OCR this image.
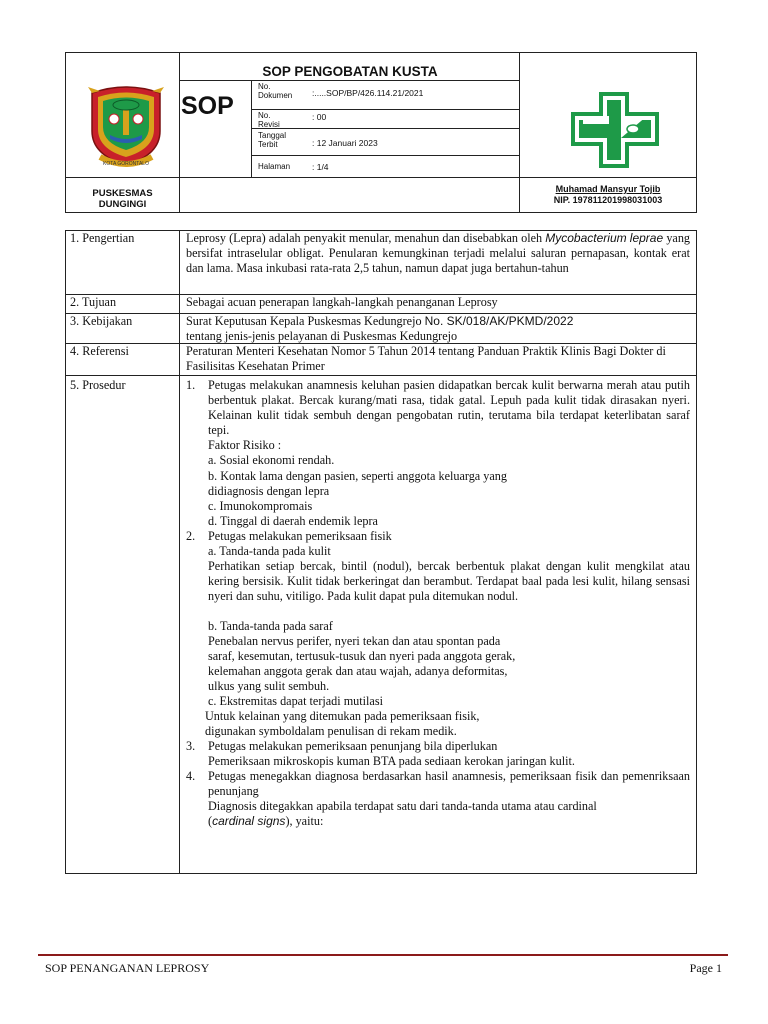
KOTA GORONTALO
SOP PENGOBATAN KUSTA
SOP
No.
Dokumen :.....SOP/BP/426.114.21/2021
No.
Revisi
: 00
Tanggal
Terbit	: 12 Januari 2023
Halaman	: 1/4
PUSKESMAS
DUNGINGI
Muhamad Mansyur Tojib
NIP. 197811201998031003
1. Pengertian	Leprosy (Lepra) adalah penyakit menular, menahun dan disebabkan oleh Mycobacterium leprae yang bersifat intraselular obligat. Penularan kemungkinan terjadi melalui saluran pernapasan, kontak erat dan lama. Masa inkubasi rata-rata 2,5 tahun, namun dapat juga bertahun-tahun
2. Tujuan	Sebagai acuan penerapan langkah-langkah penanganan Leprosy
3. Kebijakan	Surat Keputusan Kepala Puskesmas Kedungrejo No. SK/018/AK/PKMD/2022
tentang jenis-jenis pelayanan di Puskesmas Kedungrejo
4. Referensi	Peraturan Menteri Kesehatan Nomor 5 Tahun 2014 tentang Panduan Praktik Klinis Bagi Dokter di Fasilisitas Kesehatan Primer
5. Prosedur	1. Petugas melakukan anamnesis keluhan pasien didapatkan bercak kulit berwarna merah atau putih berbentuk plakat. Bercak kurang/mati rasa, tidak gatal. Lepuh pada kulit tidak dirasakan nyeri. Kelainan kulit tidak sembuh dengan pengobatan rutin, terutama bila terdapat keterlibatan saraf tepi.
Faktor Risiko :
a. Sosial ekonomi rendah.
b. Kontak lama dengan pasien, seperti anggota keluarga yang
didiagnosis dengan lepra
c. Imunokompromais
d. Tinggal di daerah endemik lepra
2. Petugas melakukan pemeriksaan fisik
a. Tanda-tanda pada kulit
Perhatikan setiap bercak, bintil (nodul), bercak berbentuk plakat dengan kulit mengkilat atau kering bersisik. Kulit tidak berkeringat dan berambut. Terdapat baal pada lesi kulit, hilang sensasi nyeri dan suhu, vitiligo. Pada kulit dapat pula ditemukan nodul.
b. Tanda-tanda pada saraf
Penebalan nervus perifer, nyeri tekan dan atau spontan pada
saraf, kesemutan, tertusuk-tusuk dan nyeri pada anggota gerak,
kelemahan anggota gerak dan atau wajah, adanya deformitas,
ulkus yang sulit sembuh.
c. Ekstremitas dapat terjadi mutilasi
Untuk kelainan yang ditemukan pada pemeriksaan fisik,
digunakan symboldalam penulisan di rekam medik.
3. Petugas melakukan pemeriksaan penunjang bila diperlukan
Pemeriksaan mikroskopis kuman BTA pada sediaan kerokan jaringan kulit.
4. Petugas menegakkan diagnosa berdasarkan hasil anamnesis, pemeriksaan fisik dan pemenriksaan penunjang
Diagnosis ditegakkan apabila terdapat satu dari tanda-tanda utama atau cardinal
(cardinal signs), yaitu:
SOP PENANGANAN LEPROSY	Page 1
